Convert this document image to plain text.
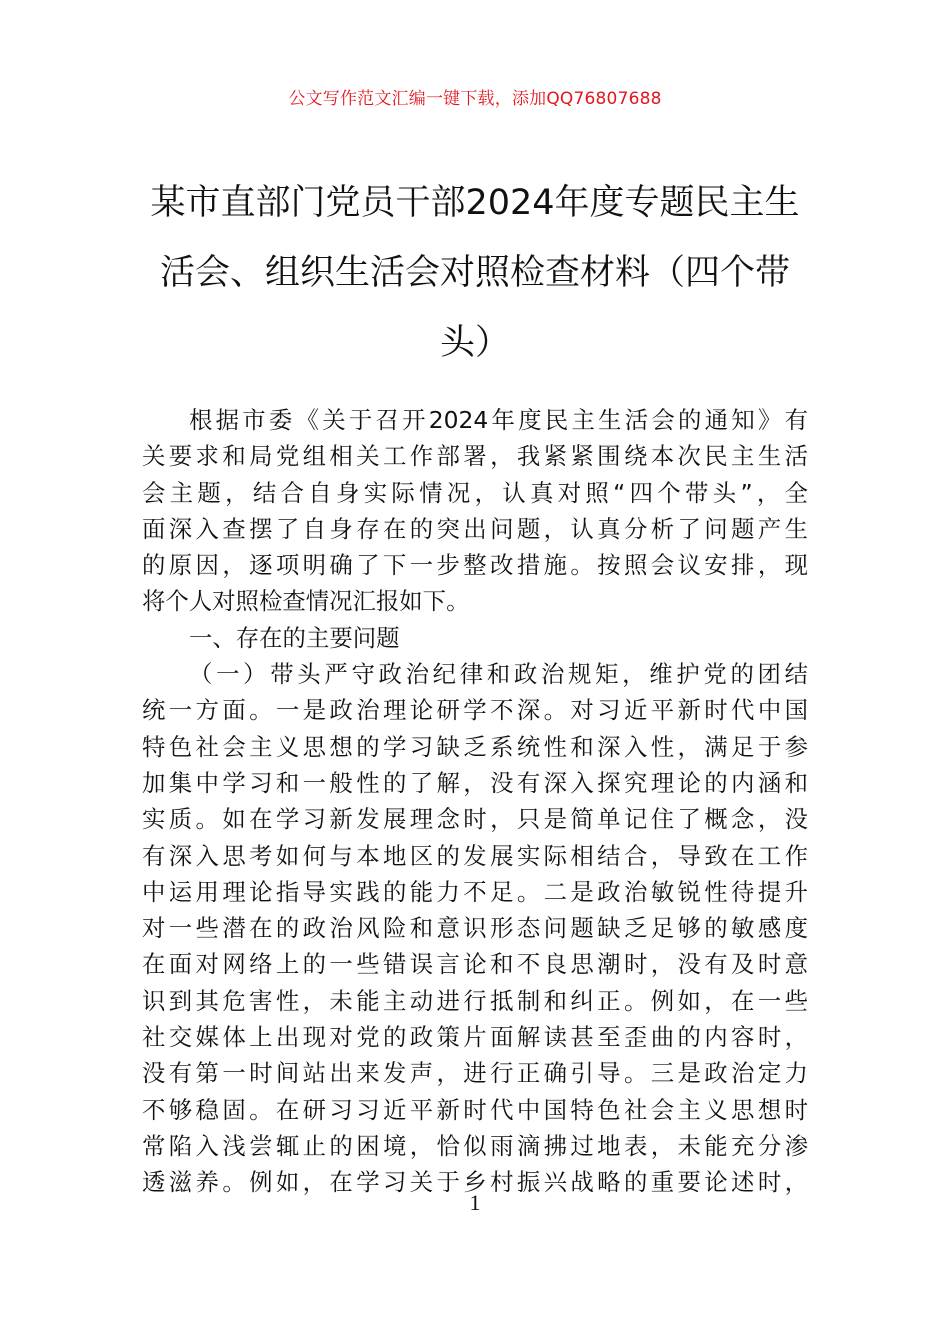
公文写作范文汇编一键下载，添加QQ76807688
某市直部门党员干部2024年度专题民主生
活会、组织生活会对照检查材料（四个带
头）
根据市委《关于召开2024年度民主生活会的通知》有
关要求和局党组相关工作部署，我紧紧围绕本次民主生活
会主题，结合自身实际情况，认真对照“四个带头”，全
面深入查摆了自身存在的突出问题，认真分析了问题产生
的原因，逐项明确了下一步整改措施。按照会议安排，现
将个人对照检查情况汇报如下。
一、存在的主要问题
（一）带头严守政治纪律和政治规矩，维护党的团结
统一方面。一是政治理论研学不深。对习近平新时代中国
特色社会主义思想的学习缺乏系统性和深入性，满足于参
加集中学习和一般性的了解，没有深入探究理论的内涵和
实质。如在学习新发展理念时，只是简单记住了概念，没
有深入思考如何与本地区的发展实际相结合，导致在工作
中运用理论指导实践的能力不足。二是政治敏锐性待提升
对一些潜在的政治风险和意识形态问题缺乏足够的敏感度
在面对网络上的一些错误言论和不良思潮时，没有及时意
识到其危害性，未能主动进行抵制和纠正。例如，在一些
社交媒体上出现对党的政策片面解读甚至歪曲的内容时，
没有第一时间站出来发声，进行正确引导。三是政治定力
不够稳固。在研习习近平新时代中国特色社会主义思想时
常陷入浅尝辄止的困境，恰似雨滴拂过地表，未能充分渗
透滋养。例如，在学习关于乡村振兴战略的重要论述时，
1
